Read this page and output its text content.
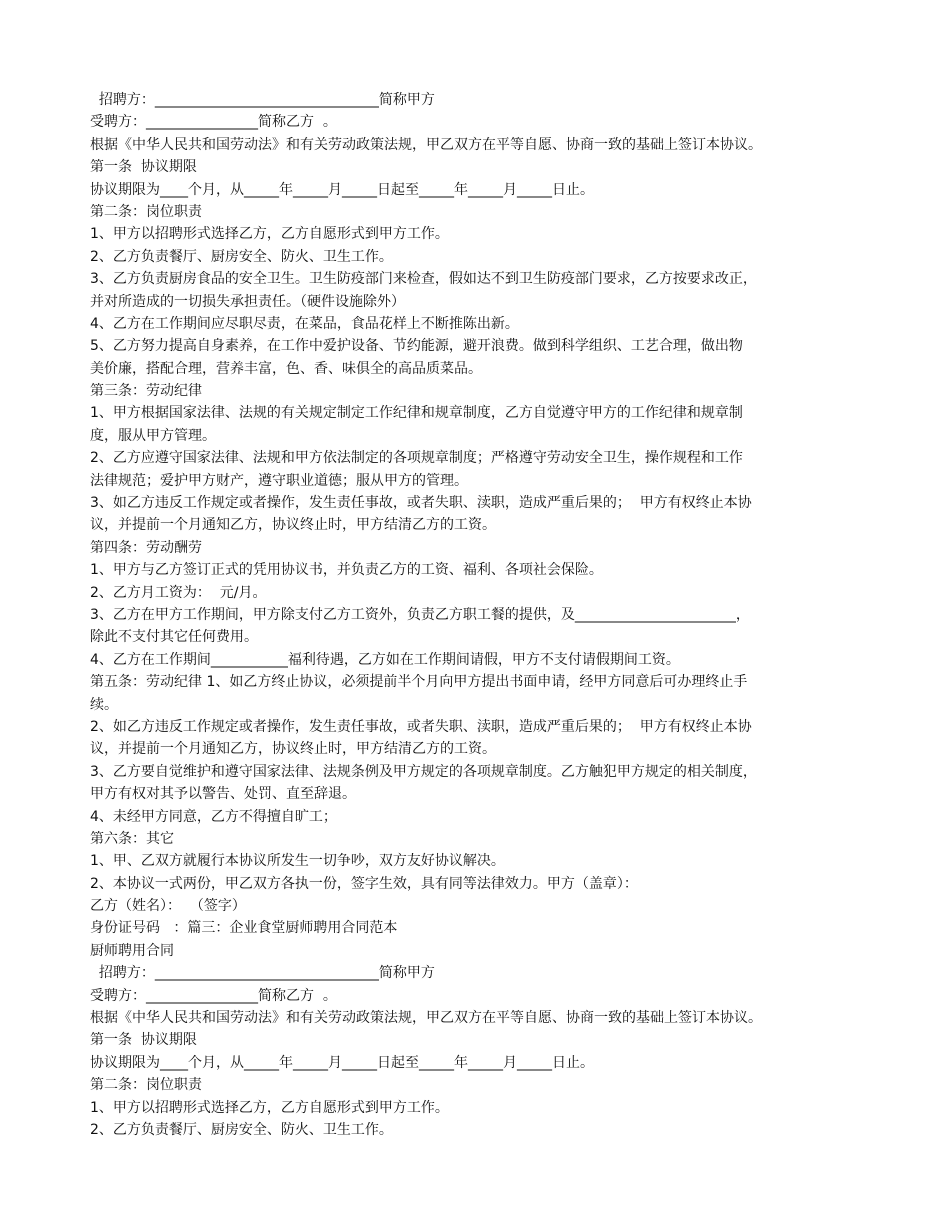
招聘方：________________________________简称甲方
受聘方：________________简称乙方  。
根据《中华人民共和国劳动法》和有关劳动政策法规，甲乙双方在平等自愿、协商一致的基础上签订本协议。
第一条  协议期限
协议期限为____个月，从_____年_____月_____日起至_____年_____月_____日止。
第二条：岗位职责
1、甲方以招聘形式选择乙方，乙方自愿形式到甲方工作。
2、乙方负责餐厅、厨房安全、防火、卫生工作。
3、乙方负责厨房食品的安全卫生。卫生防疫部门来检查，假如达不到卫生防疫部门要求，乙方按要求改正，
并对所造成的一切损失承担责任。（硬件设施除外）
4、乙方在工作期间应尽职尽责，在菜品，食品花样上不断推陈出新。
5、乙方努力提高自身素养，在工作中爱护设备、节约能源，避开浪费。做到科学组织、工艺合理，做出物
美价廉，搭配合理，营养丰富，色、香、味俱全的高品质菜品。
第三条：劳动纪律
1、甲方根据国家法律、法规的有关规定制定工作纪律和规章制度，乙方自觉遵守甲方的工作纪律和规章制
度，服从甲方管理。
2、乙方应遵守国家法律、法规和甲方依法制定的各项规章制度；严格遵守劳动安全卫生，操作规程和工作
法律规范；爱护甲方财产，遵守职业道德；服从甲方的管理。
3、如乙方违反工作规定或者操作，发生责任事故，或者失职、渎职，造成严重后果的；  甲方有权终止本协
议，并提前一个月通知乙方，协议终止时，甲方结清乙方的工资。
第四条：劳动酬劳
1、甲方与乙方签订正式的凭用协议书，并负责乙方的工资、福利、各项社会保险。
2、乙方月工资为：  元/月。
3、乙方在甲方工作期间，甲方除支付乙方工资外，负责乙方职工餐的提供，及_______________________，
除此不支付其它任何费用。
4、乙方在工作期间___________福利待遇，乙方如在工作期间请假，甲方不支付请假期间工资。
第五条：劳动纪律 1、如乙方终止协议，必须提前半个月向甲方提出书面申请，经甲方同意后可办理终止手
续。
2、如乙方违反工作规定或者操作，发生责任事故，或者失职、渎职，造成严重后果的；  甲方有权终止本协
议，并提前一个月通知乙方，协议终止时，甲方结清乙方的工资。
3、乙方要自觉维护和遵守国家法律、法规条例及甲方规定的各项规章制度。乙方触犯甲方规定的相关制度，
甲方有权对其予以警告、处罚、直至辞退。
4、未经甲方同意，乙方不得擅自旷工；
第六条：其它
1、甲、乙双方就履行本协议所发生一切争吵，双方友好协议解决。
2、本协议一式两份，甲乙双方各执一份，签字生效，具有同等法律效力。甲方（盖章）：
乙方（姓名）：  （签字）
身份证号码   ：篇三：企业食堂厨师聘用合同范本
厨师聘用合同
招聘方：________________________________简称甲方
受聘方：________________简称乙方  。
根据《中华人民共和国劳动法》和有关劳动政策法规，甲乙双方在平等自愿、协商一致的基础上签订本协议。
第一条  协议期限
协议期限为____个月，从_____年_____月_____日起至_____年_____月_____日止。
第二条：岗位职责
1、甲方以招聘形式选择乙方，乙方自愿形式到甲方工作。
2、乙方负责餐厅、厨房安全、防火、卫生工作。
